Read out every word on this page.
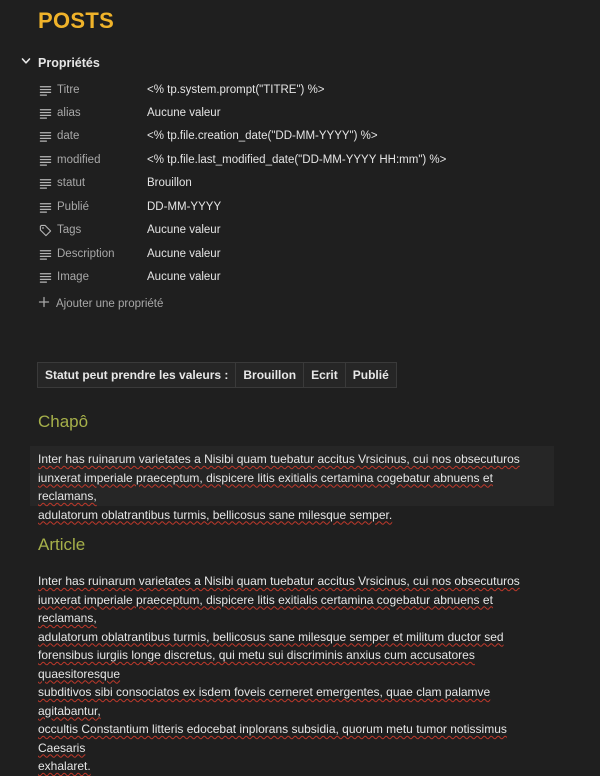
POSTS
Propriétés
Titre	<% tp.system.prompt("TITRE") %>
alias	Aucune valeur
date	<% tp.file.creation_date("DD-MM-YYYY") %>
modified	<% tp.file.last_modified_date("DD-MM-YYYY HH:mm") %>
statut	Brouillon
Publié	DD-MM-YYYY
Tags	Aucune valeur
Description	Aucune valeur
Image	Aucune valeur
Ajouter une propriété
Statut peut prendre les valeurs :	Brouillon	Ecrit	Publié
Chapô
Inter has ruinarum varietates a Nisibi quam tuebatur accitus Vrsicinus, cui nos obsecuturos
iunxerat imperiale praeceptum, dispicere litis exitialis certamina cogebatur abnuens et reclamans,
adulatorum oblatrantibus turmis, bellicosus sane milesque semper.
Article
Inter has ruinarum varietates a Nisibi quam tuebatur accitus Vrsicinus, cui nos obsecuturos
iunxerat imperiale praeceptum, dispicere litis exitialis certamina cogebatur abnuens et reclamans,
adulatorum oblatrantibus turmis, bellicosus sane milesque semper et militum ductor sed
forensibus iurgiis longe discretus, qui metu sui discriminis anxius cum accusatores quaesitoresque
subditivos sibi consociatos ex isdem foveis cerneret emergentes, quae clam palamve agitabantur,
occultis Constantium litteris edocebat inplorans subsidia, quorum metu tumor notissimus Caesaris
exhalaret.
